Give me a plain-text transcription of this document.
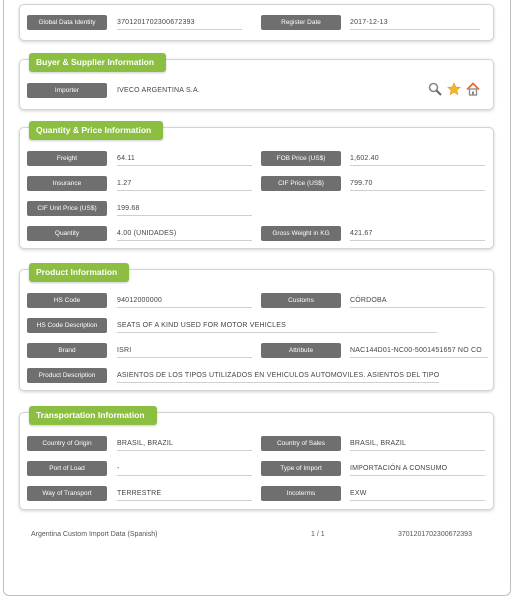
Global Data Identity	3701201702300672393	Register Date	2017-12-13
Buyer & Supplier Information
Importer	IVECO ARGENTINA S.A.
Quantity & Price Information
Freight	64.11	FOB Price (US$)	1,602.40
Insurance	1.27	CIF Price (US$)	799.70
CIF Unit Price (US$)	199.68
Quantity	4.00 (UNIDADES)	Gross Weight in KG	421.67
Product Information
HS Code	94012000000	Customs	CÓRDOBA
HS Code Description	SEATS OF A KIND USED FOR MOTOR VEHICLES
Brand	ISRI	Attribute	NAC144D01-NC00-5001451657 NO CO
Product Description	ASIENTOS DE LOS TIPOS UTILIZADOS EN VEHICULOS AUTOMOVILES. ASIENTOS DEL TIPO
Transportation Information
Country of Origin	BRASIL, BRAZIL	Country of Sales	BRASIL, BRAZIL
Port of Load	-	Type of Import	IMPORTACIÓN A CONSUMO
Way of Transport	TERRESTRE	Incoterms	EXW
Argentina Custom Import Data (Spanish)	1 / 1	3701201702300672393
